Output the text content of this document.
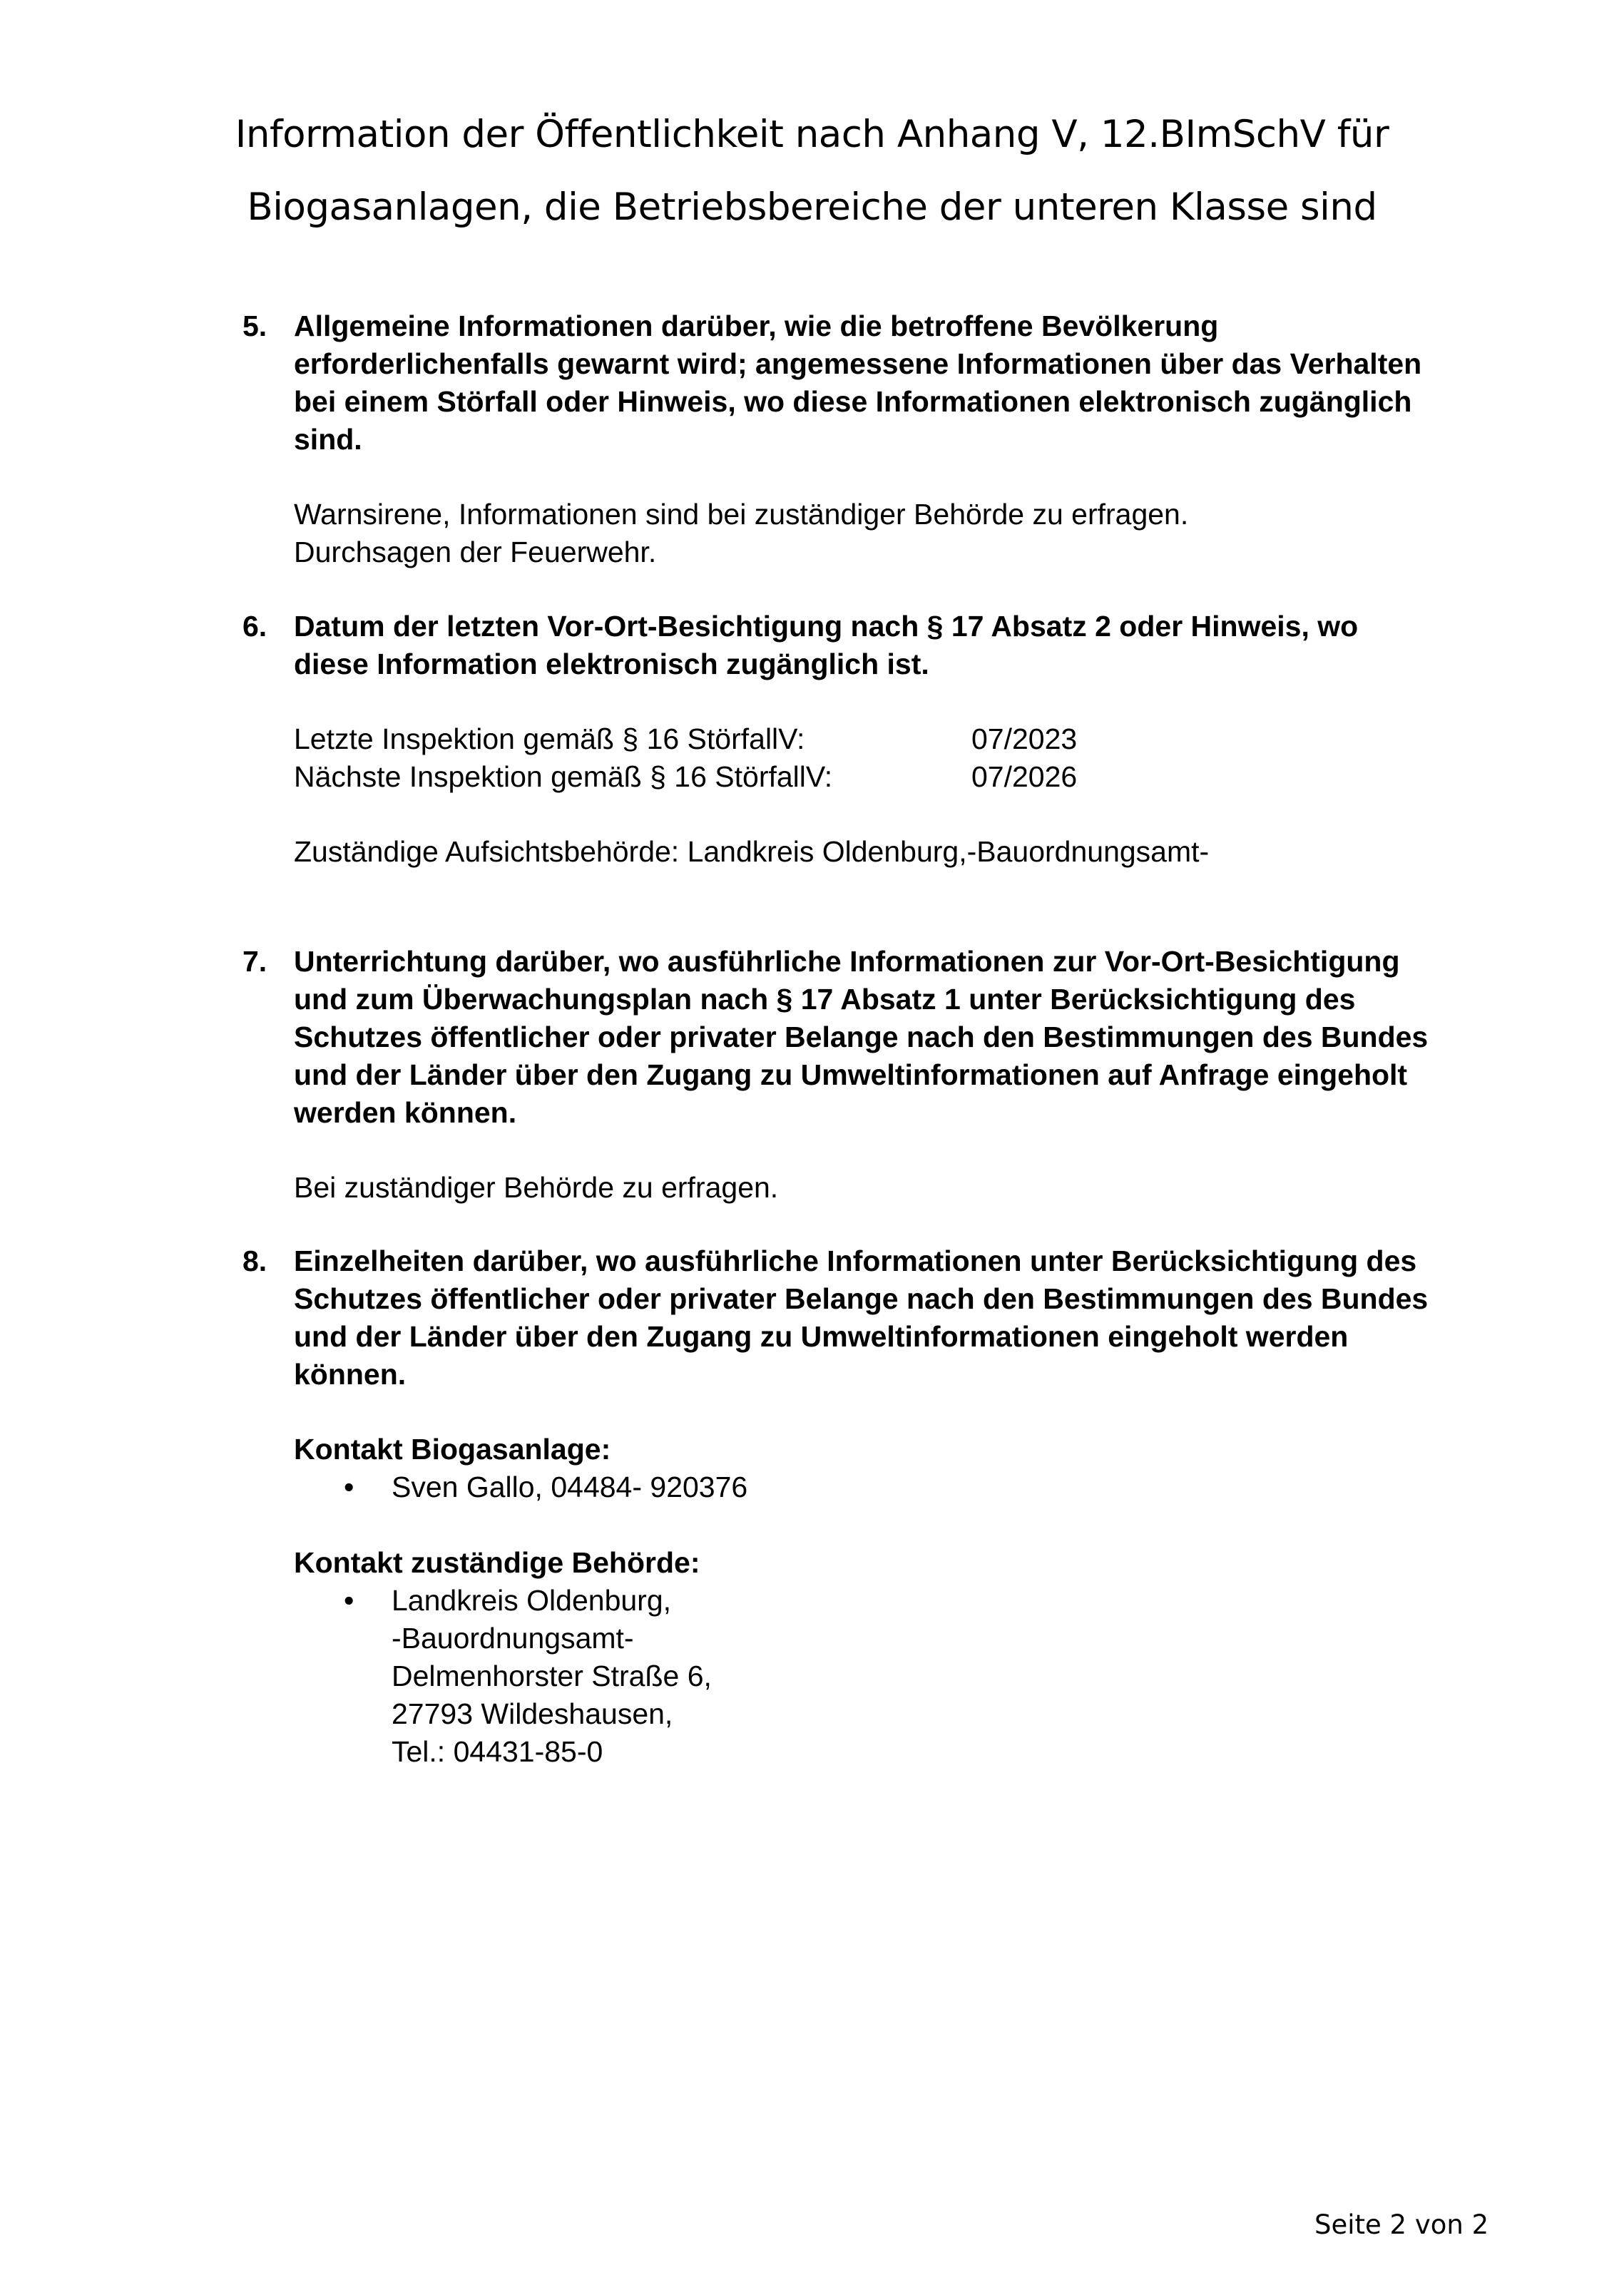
Information der Öffentlichkeit nach Anhang V, 12.BImSchV für
Biogasanlagen, die Betriebsbereiche der unteren Klasse sind
5. Allgemeine Informationen darüber, wie die betroffene Bevölkerung
erforderlichenfalls gewarnt wird; angemessene Informationen über das Verhalten
bei einem Störfall oder Hinweis, wo diese Informationen elektronisch zugänglich
sind.
Warnsirene, Informationen sind bei zuständiger Behörde zu erfragen.
Durchsagen der Feuerwehr.
6. Datum der letzten Vor-Ort-Besichtigung nach § 17 Absatz 2 oder Hinweis, wo
diese Information elektronisch zugänglich ist.
Letzte Inspektion gemäß § 16 StörfallV:	07/2023
Nächste Inspektion gemäß § 16 StörfallV:	07/2026
Zuständige Aufsichtsbehörde: Landkreis Oldenburg,-Bauordnungsamt-
7. Unterrichtung darüber, wo ausführliche Informationen zur Vor-Ort-Besichtigung
und zum Überwachungsplan nach § 17 Absatz 1 unter Berücksichtigung des
Schutzes öffentlicher oder privater Belange nach den Bestimmungen des Bundes
und der Länder über den Zugang zu Umweltinformationen auf Anfrage eingeholt
werden können.
Bei zuständiger Behörde zu erfragen.
8. Einzelheiten darüber, wo ausführliche Informationen unter Berücksichtigung des
Schutzes öffentlicher oder privater Belange nach den Bestimmungen des Bundes
und der Länder über den Zugang zu Umweltinformationen eingeholt werden
können.
Kontakt Biogasanlage:
• Sven Gallo, 04484- 920376
Kontakt zuständige Behörde:
• Landkreis Oldenburg,
-Bauordnungsamt-
Delmenhorster Straße 6,
27793 Wildeshausen,
Tel.: 04431-85-0
Seite 2 von 2
